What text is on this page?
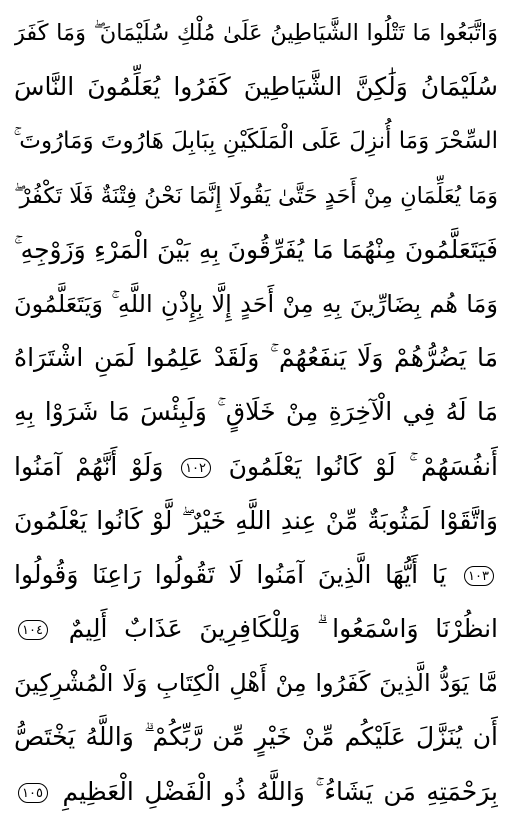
وَاتَّبَعُوا مَا تَتْلُوا الشَّيَاطِينُ عَلَىٰ مُلْكِ سُلَيْمَانَ ۖ وَمَا كَفَرَ
سُلَيْمَانُ وَلَٰكِنَّ الشَّيَاطِينَ كَفَرُوا يُعَلِّمُونَ النَّاسَ
السِّحْرَ وَمَا أُنزِلَ عَلَى الْمَلَكَيْنِ بِبَابِلَ هَارُوتَ وَمَارُوتَ ۚ
وَمَا يُعَلِّمَانِ مِنْ أَحَدٍ حَتَّىٰ يَقُولَا إِنَّمَا نَحْنُ فِتْنَةٌ فَلَا تَكْفُرْ ۖ
فَيَتَعَلَّمُونَ مِنْهُمَا مَا يُفَرِّقُونَ بِهِ بَيْنَ الْمَرْءِ وَزَوْجِهِ ۚ
وَمَا هُم بِضَارِّينَ بِهِ مِنْ أَحَدٍ إِلَّا بِإِذْنِ اللَّهِ ۚ وَيَتَعَلَّمُونَ
مَا يَضُرُّهُمْ وَلَا يَنفَعُهُمْ ۚ وَلَقَدْ عَلِمُوا لَمَنِ اشْتَرَاهُ
مَا لَهُ فِي الْآخِرَةِ مِنْ خَلَاقٍ ۚ وَلَبِئْسَ مَا شَرَوْا بِهِ
أَنفُسَهُمْ ۚ لَوْ كَانُوا يَعْلَمُونَ ١٠٢ وَلَوْ أَنَّهُمْ آمَنُوا
وَاتَّقَوْا لَمَثُوبَةٌ مِّنْ عِندِ اللَّهِ خَيْرٌ ۖ لَّوْ كَانُوا يَعْلَمُونَ
١٠٣ يَا أَيُّهَا الَّذِينَ آمَنُوا لَا تَقُولُوا رَاعِنَا وَقُولُوا
انظُرْنَا وَاسْمَعُوا ۗ وَلِلْكَافِرِينَ عَذَابٌ أَلِيمٌ ١٠٤
مَّا يَوَدُّ الَّذِينَ كَفَرُوا مِنْ أَهْلِ الْكِتَابِ وَلَا الْمُشْرِكِينَ
أَن يُنَزَّلَ عَلَيْكُم مِّنْ خَيْرٍ مِّن رَّبِّكُمْ ۗ وَاللَّهُ يَخْتَصُّ
بِرَحْمَتِهِ مَن يَشَاءُ ۚ وَاللَّهُ ذُو الْفَضْلِ الْعَظِيمِ ١٠٥
